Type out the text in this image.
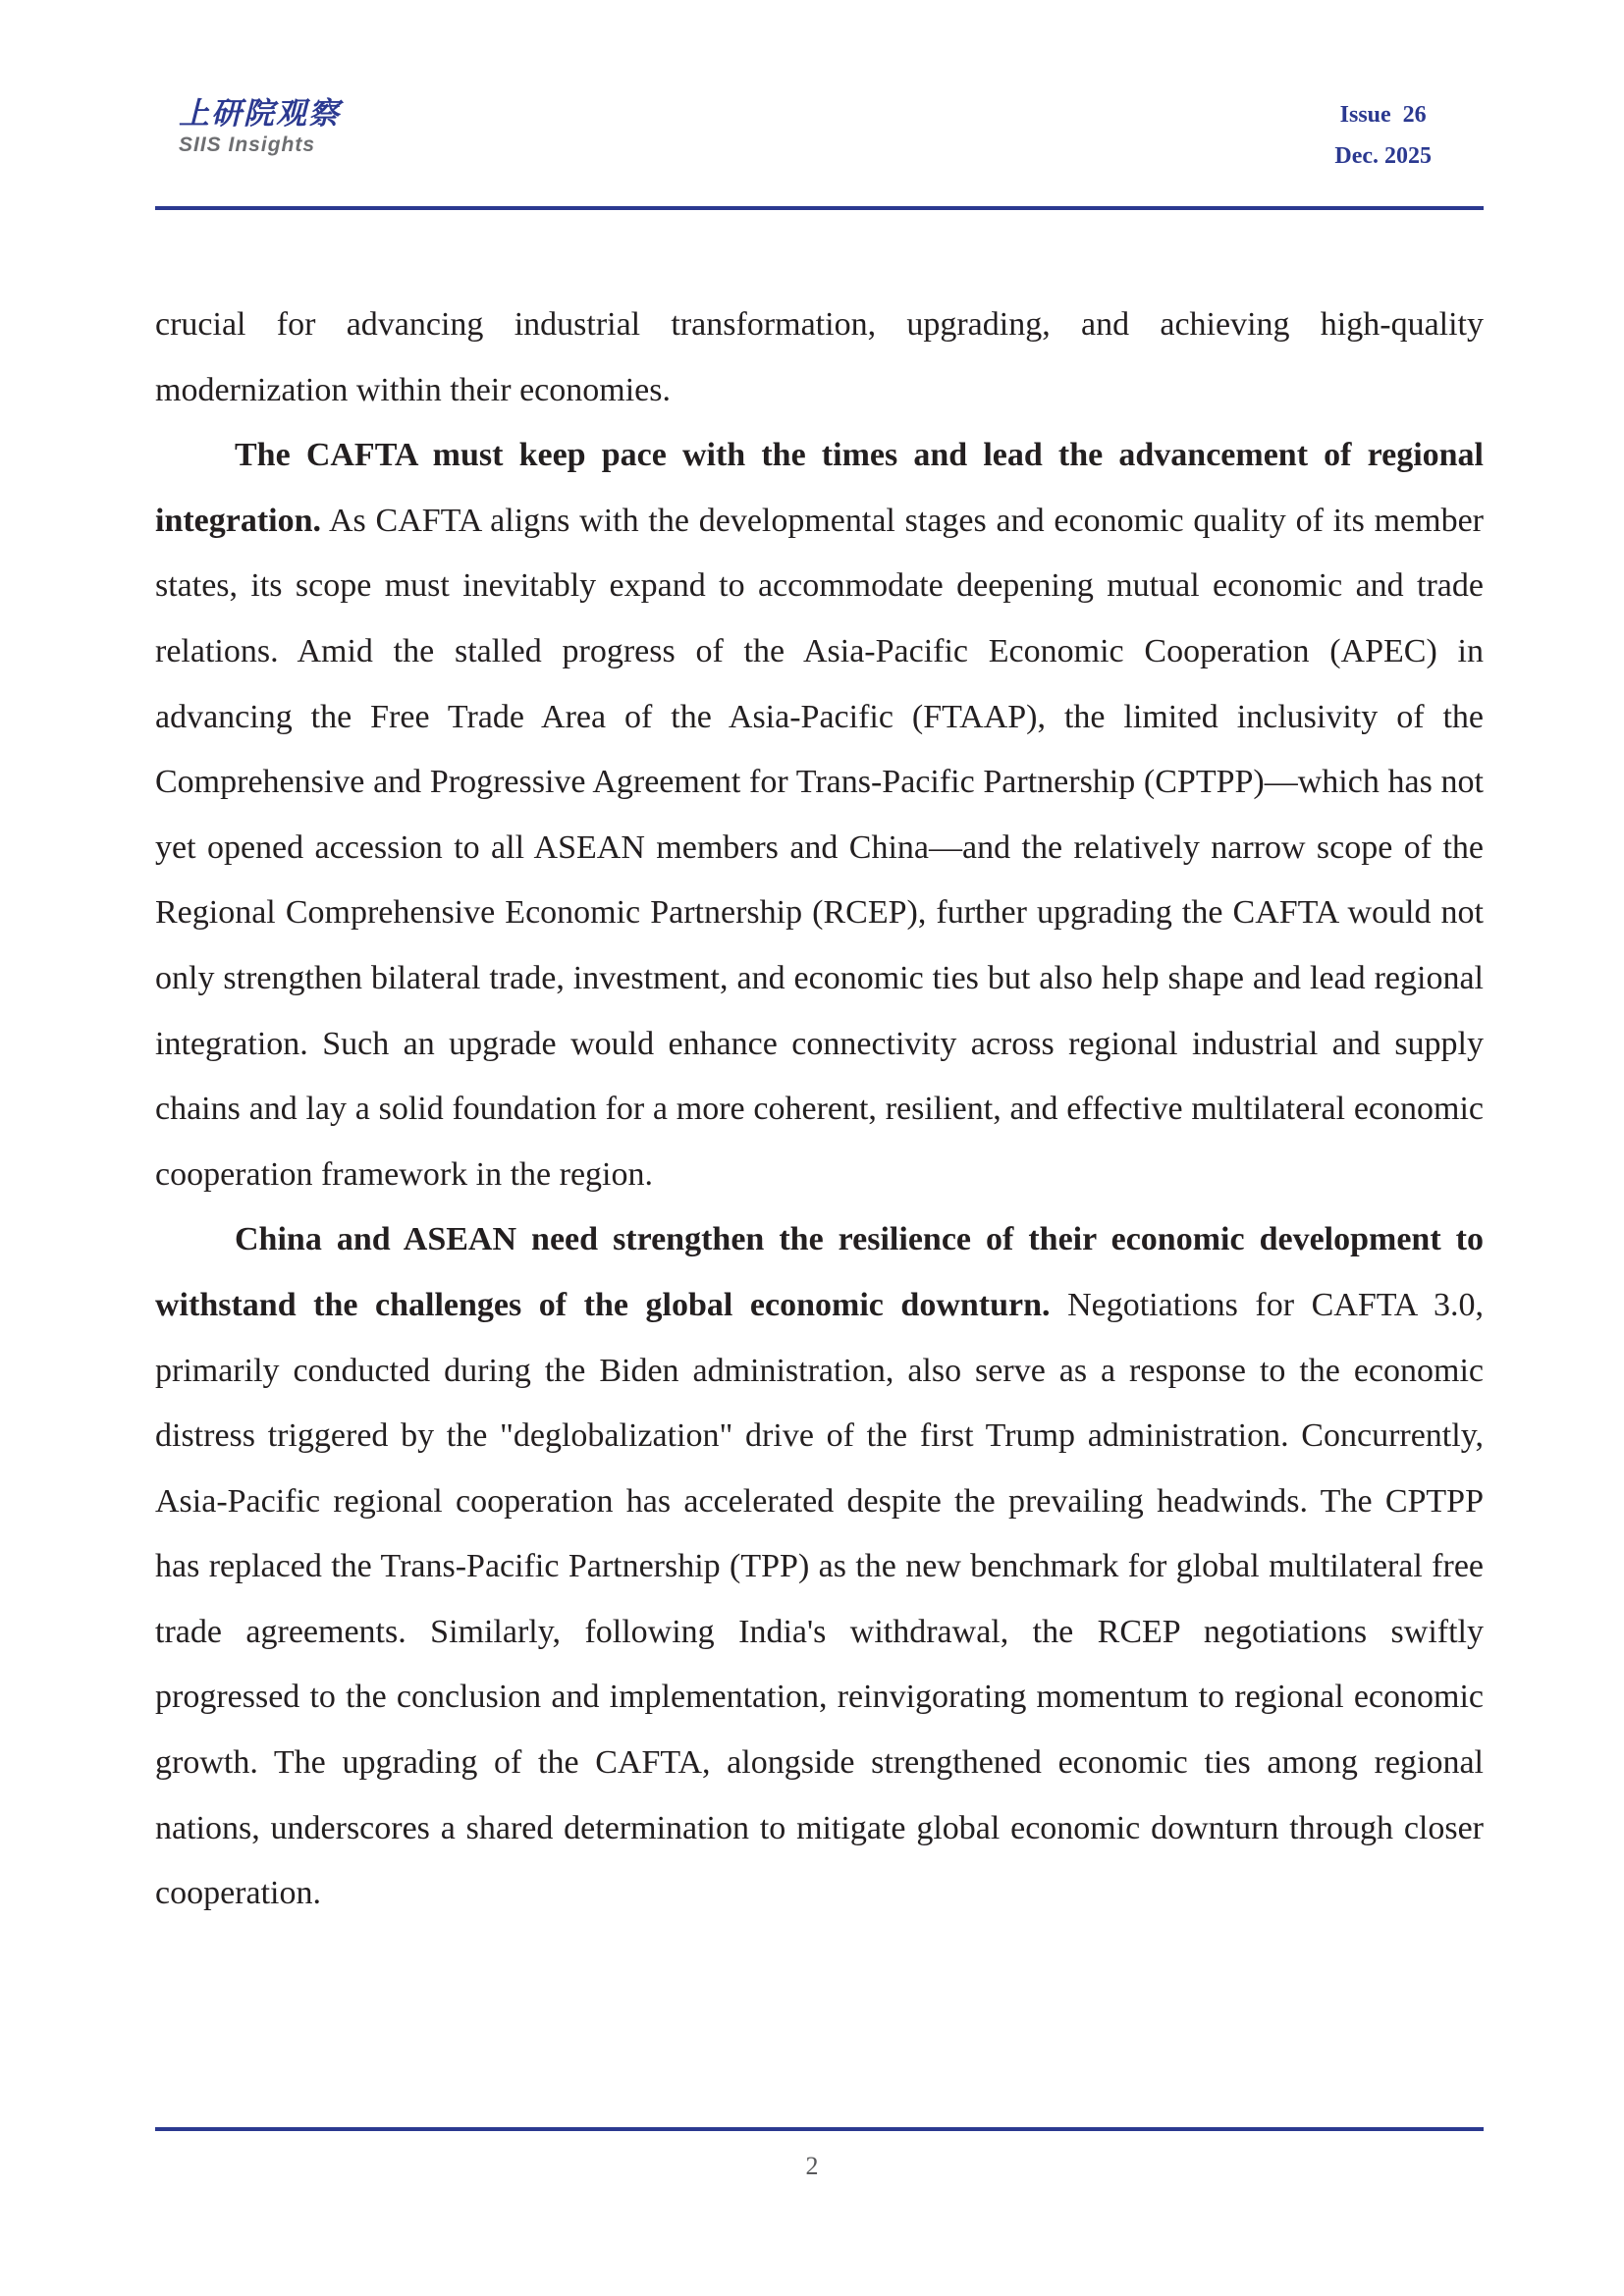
上研院观察
SIIS Insights
Issue  26
Dec. 2025

crucial for advancing industrial transformation, upgrading, and achieving high-quality modernization within their economies.

The CAFTA must keep pace with the times and lead the advancement of regional integration. As CAFTA aligns with the developmental stages and economic quality of its member states, its scope must inevitably expand to accommodate deepening mutual economic and trade relations. Amid the stalled progress of the Asia-Pacific Economic Cooperation (APEC) in advancing the Free Trade Area of the Asia-Pacific (FTAAP), the limited inclusivity of the Comprehensive and Progressive Agreement for Trans-Pacific Partnership (CPTPP)—which has not yet opened accession to all ASEAN members and China—and the relatively narrow scope of the Regional Comprehensive Economic Partnership (RCEP), further upgrading the CAFTA would not only strengthen bilateral trade, investment, and economic ties but also help shape and lead regional integration. Such an upgrade would enhance connectivity across regional industrial and supply chains and lay a solid foundation for a more coherent, resilient, and effective multilateral economic cooperation framework in the region.

China and ASEAN need strengthen the resilience of their economic development to withstand the challenges of the global economic downturn. Negotiations for CAFTA 3.0, primarily conducted during the Biden administration, also serve as a response to the economic distress triggered by the "deglobalization" drive of the first Trump administration. Concurrently, Asia-Pacific regional cooperation has accelerated despite the prevailing headwinds. The CPTPP has replaced the Trans-Pacific Partnership (TPP) as the new benchmark for global multilateral free trade agreements. Similarly, following India's withdrawal, the RCEP negotiations swiftly progressed to the conclusion and implementation, reinvigorating momentum to regional economic growth. The upgrading of the CAFTA, alongside strengthened economic ties among regional nations, underscores a shared determination to mitigate global economic downturn through closer cooperation.

2
